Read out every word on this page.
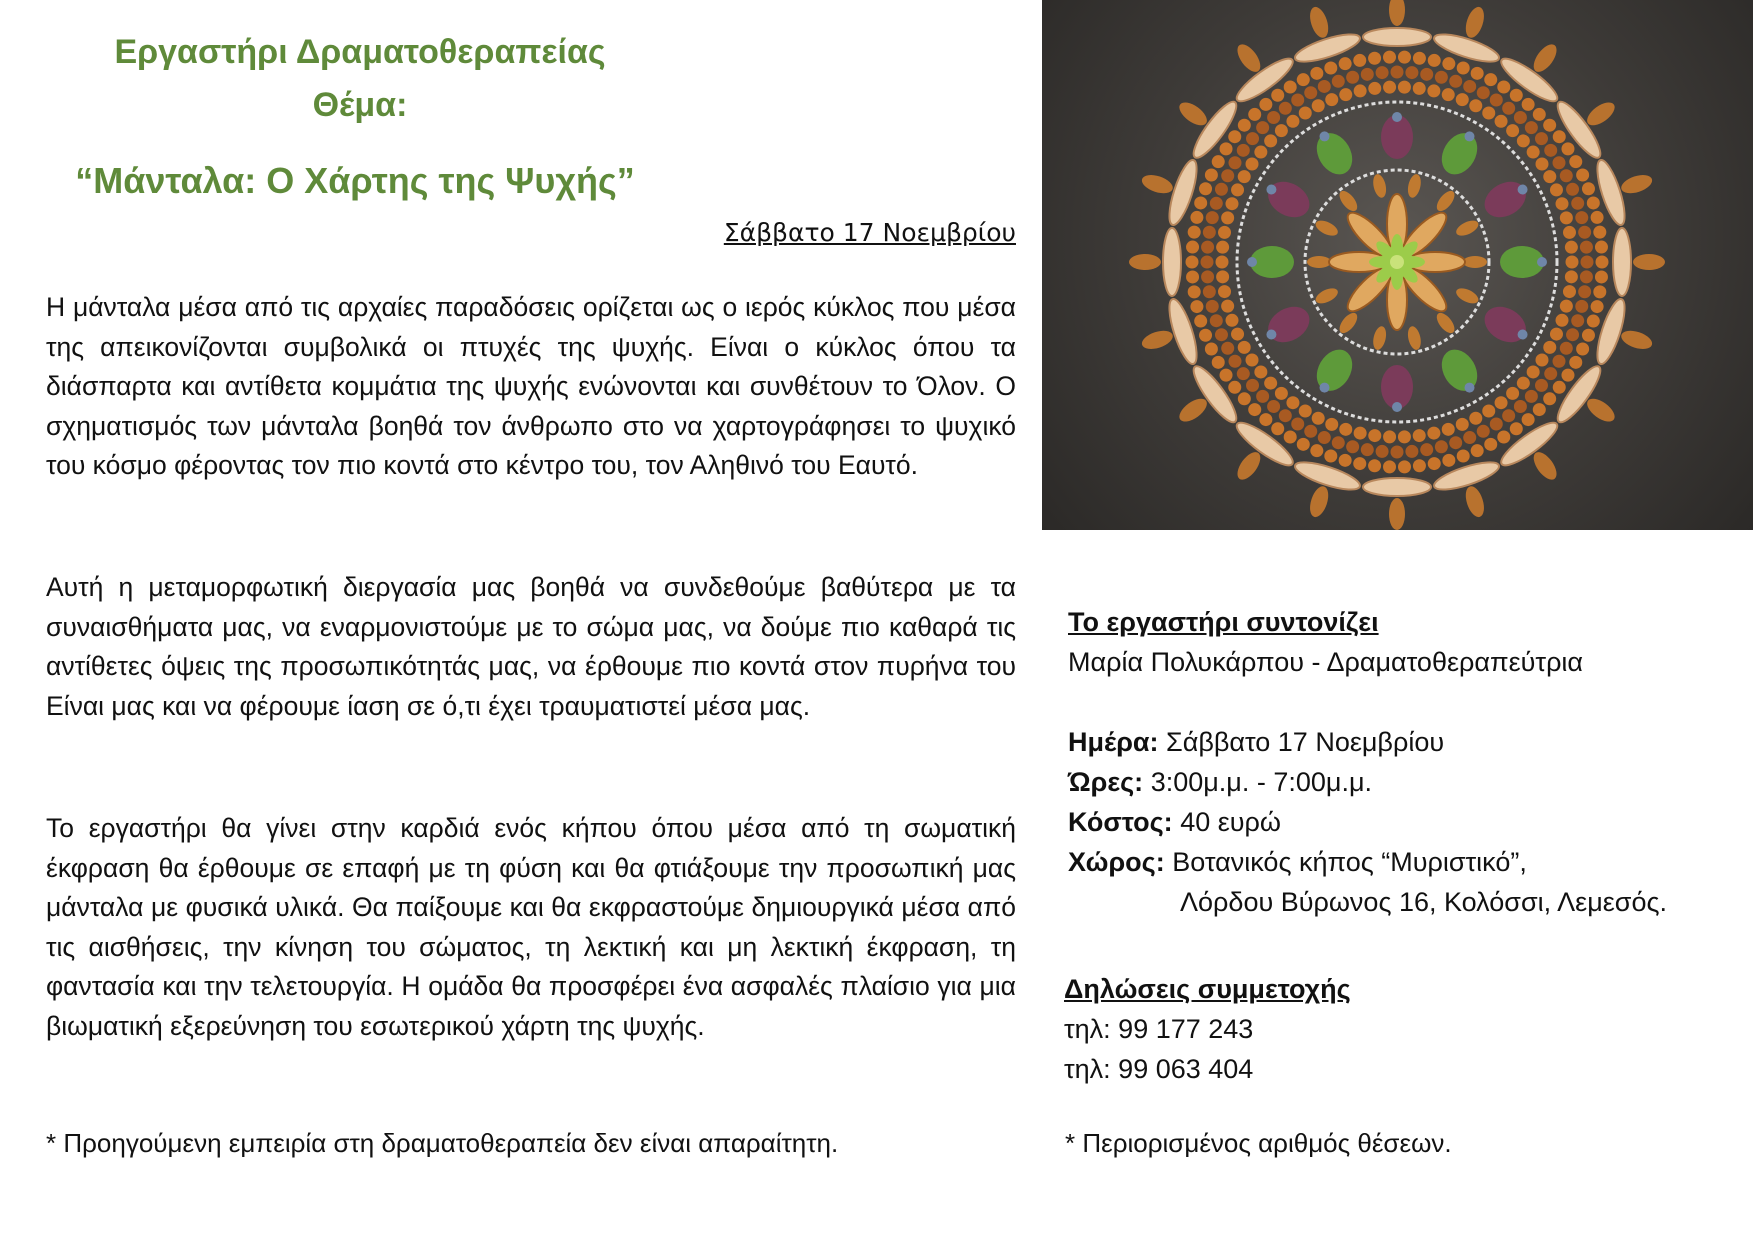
Εργαστήρι Δραματοθεραπείας
Θέμα:
“Μάνταλα: Ο Χάρτης της Ψυχής”
Σάββατο 17 Νοεμβρίου

Η μάνταλα μέσα από τις αρχαίες παραδόσεις ορίζεται ως ο ιερός κύκλος που μέσα της απεικονίζονται συμβολικά οι πτυχές της ψυχής. Είναι ο κύκλος όπου τα διάσπαρτα και αντίθετα κομμάτια της ψυχής ενώνονται και συνθέτουν το Όλον. Ο σχηματισμός των μάνταλα βοηθά τον άνθρωπο στο να χαρτογράφησει το ψυχικό του κόσμο φέροντας τον πιο κοντά στο κέντρο του, τον Αληθινό του Εαυτό.

Αυτή η μεταμορφωτική διεργασία μας βοηθά να συνδεθούμε βαθύτερα με τα συναισθήματα μας, να εναρμονιστούμε με το σώμα μας, να δούμε πιο καθαρά τις αντίθετες όψεις της προσωπικότητάς μας, να έρθουμε πιο κοντά στον πυρήνα του Είναι μας και να φέρουμε ίαση σε ό,τι έχει τραυματιστεί μέσα μας.

Το εργαστήρι θα γίνει στην καρδιά ενός κήπου όπου μέσα από τη σωματική έκφραση θα έρθουμε σε επαφή με τη φύση και θα φτιάξουμε την προσωπική μας μάνταλα με φυσικά υλικά. Θα παίξουμε και θα εκφραστούμε δημιουργικά μέσα από τις αισθήσεις, την κίνηση του σώματος, τη λεκτική και μη λεκτική έκφραση, τη φαντασία και την τελετουργία. Η ομάδα θα προσφέρει ένα ασφαλές πλαίσιο για μια βιωματική εξερεύνηση του εσωτερικού χάρτη της ψυχής.

* Προηγούμενη εμπειρία στη δραματοθεραπεία δεν είναι απαραίτητη.

Το εργαστήρι συντονίζει
Μαρία Πολυκάρπου - Δραματοθεραπεύτρια
Ημέρα: Σάββατο 17 Νοεμβρίου
Ώρες: 3:00μ.μ. - 7:00μ.μ.
Κόστος: 40 ευρώ
Χώρος: Βοτανικός κήπος “Μυριστικό”,
Λόρδου Βύρωνος 16, Κολόσσι, Λεμεσός.
Δηλώσεις συμμετοχής
τηλ: 99 177 243
τηλ: 99 063 404

* Περιορισμένος αριθμός θέσεων.
